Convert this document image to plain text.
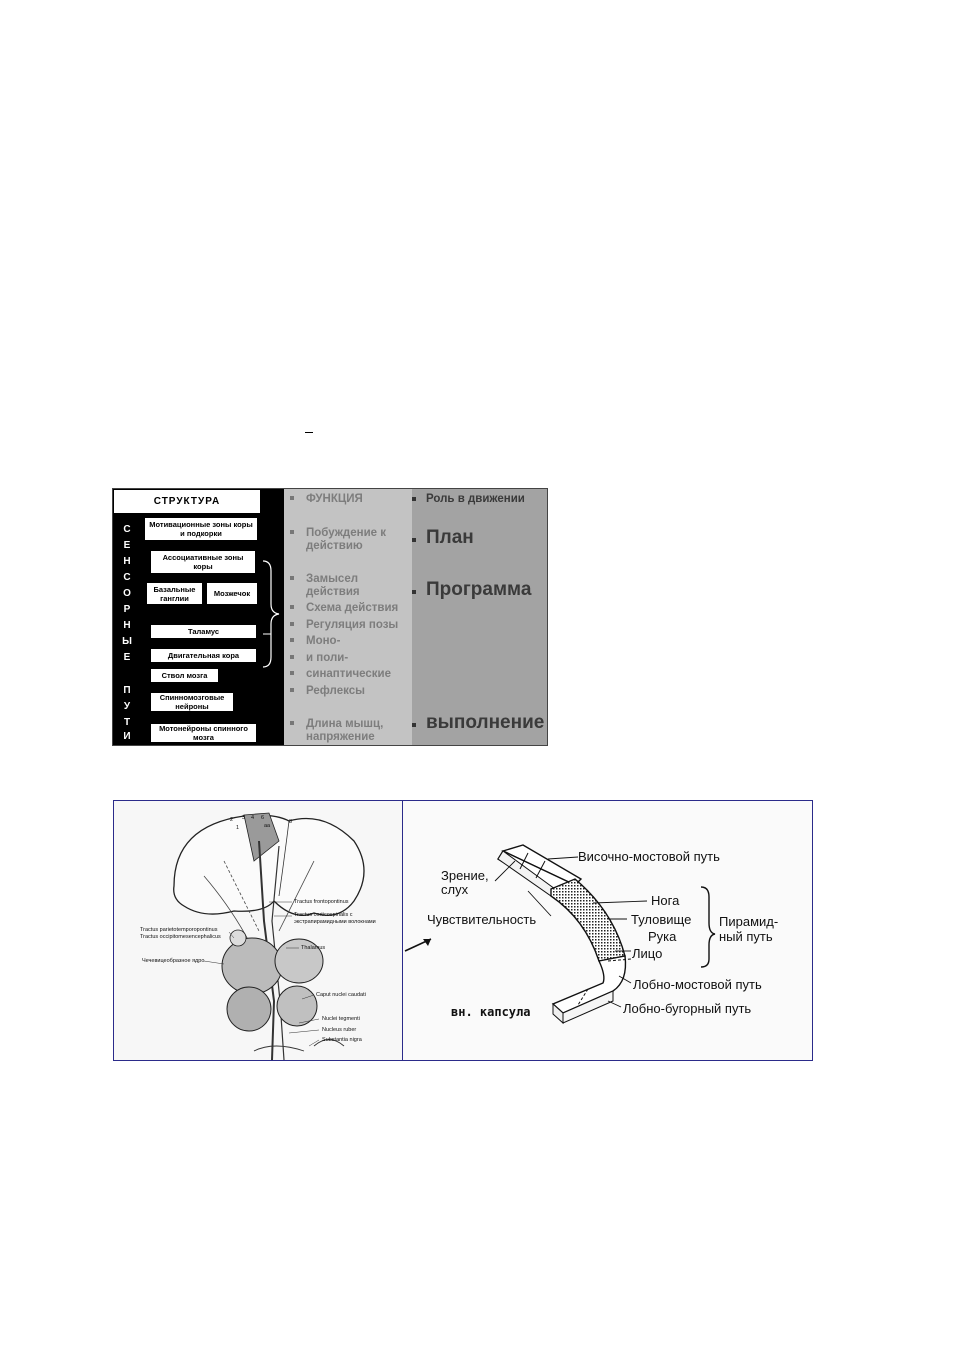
СТРУКТУРА
С
Е
Н
С
О
Р
Н
Ы
Е
П
У
Т
И
Мотивационные зоны коры и подкорки
Ассоциативные зоны коры
Базальные ганглии	Мозжечок
Таламус
Двигательная кора
Ствол мозга
Спинномозговые нейроны
Мотонейроны спинного мозга
ФУНКЦИЯ
Побуждение к действию
Замысел действия
Схема действия
Регуляция позы
Моно-
и поли-
синаптические
Рефлексы
Длина мышц, напряжение
Роль в движении
План
Программа
выполнение
2
1
3 4 6
8
аа
Tractus frontopontinus
Tractus corticospinalis с экстрапирамидными волокнами
Tractus parietotemporopontinus
Tractus occipitomesencephalicus
Thalamus
Чечевицеобразное ядро
Caput nuclei caudati
Nuclei tegmenti
Nucleus ruber
Substantia nigra
Височно-мостовой путь
Зрение,
слух
Чувствительность
Нога
Туловище
Рука
Лицо
Пирамид-
ный путь
Лобно-мостовой путь
Лобно-бугорный путь
вн. капсула
